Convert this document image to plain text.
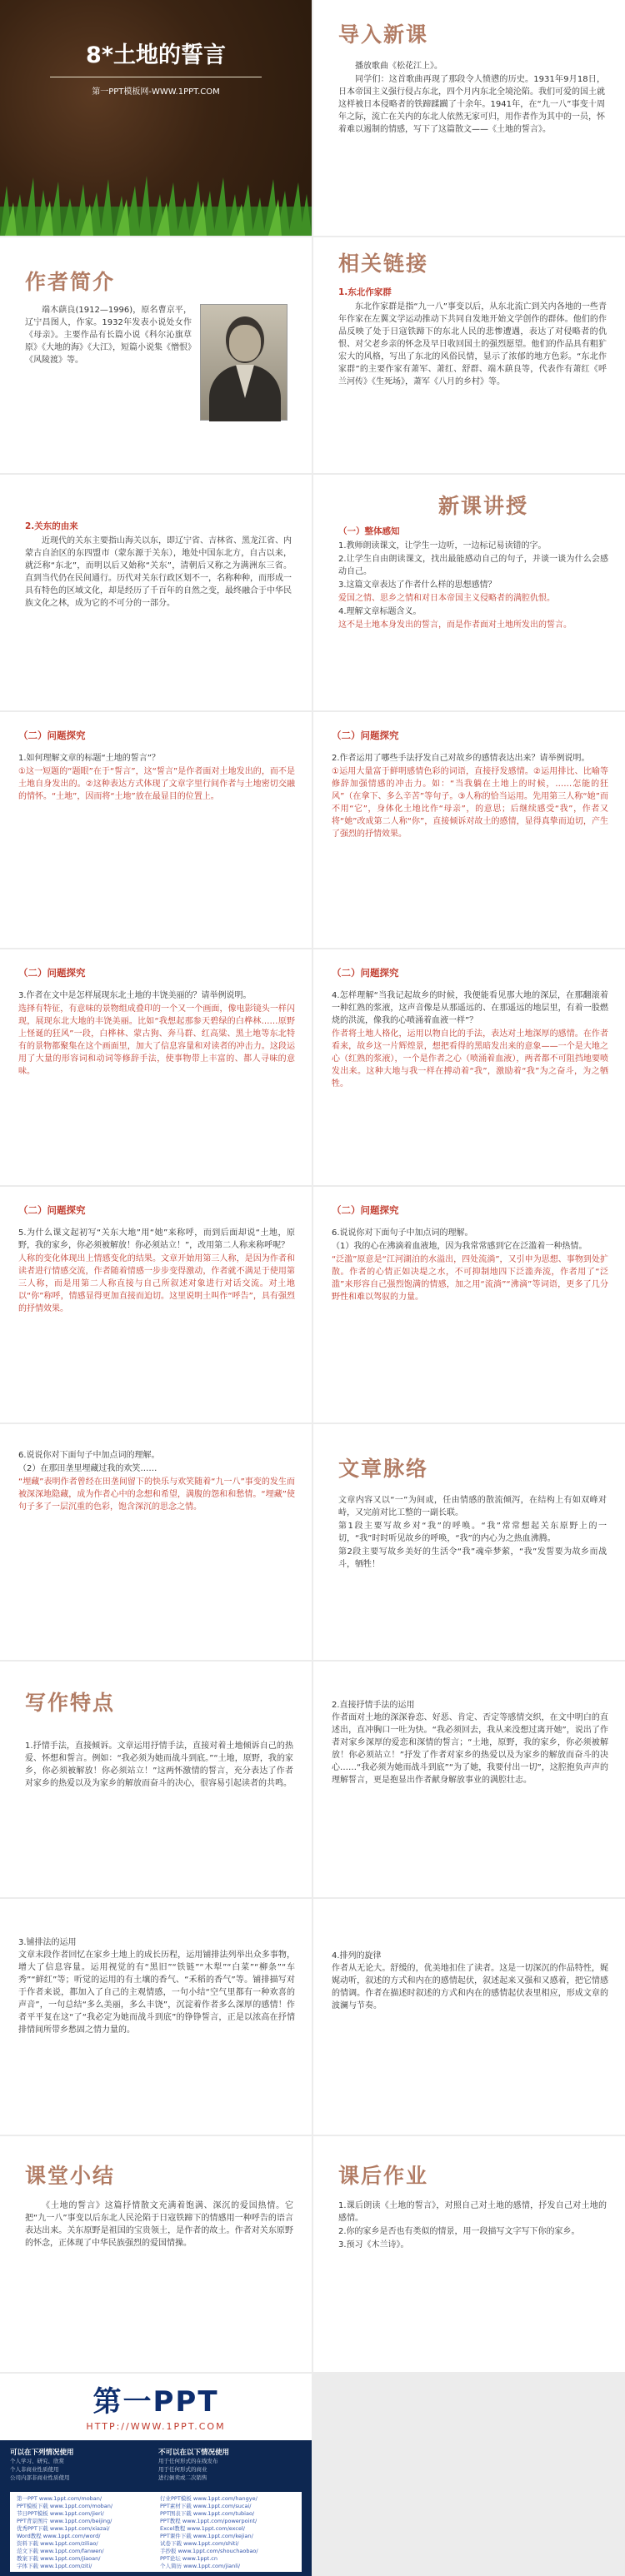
8*土地的誓言
第一PPT模板网-WWW.1PPT.COM
导入新课

播放歌曲《松花江上》。

同学们：这首歌曲再现了那段令人愤懑的历史。1931年9月18日，日本帝国主义强行侵占东北，四个月内东北全境沦陷。我们可爱的国土就这样被日本侵略者的铁蹄蹂躏了十余年。1941年，在“九一八”事变十周年之际，流亡在关内的东北人依然无家可归，用作者作为其中的一员，怀着难以遏制的情感，写下了这篇散文——《土地的誓言》。

作者简介

端木蕻良(1912—1996)，原名曹京平，辽宁昌图人，作家。1932年发表小说处女作《母亲》。主要作品有长篇小说《科尔沁旗草原》《大地的海》《大江》，短篇小说集《憎恨》《风陵渡》等。

相关链接
1.东北作家群

东北作家群是指“九一八”事变以后，从东北流亡到关内各地的一些青年作家在左翼文学运动推动下共同自发地开始文学创作的群体。他们的作品反映了处于日寇铁蹄下的东北人民的悲惨遭遇，表达了对侵略者的仇恨、对父老乡亲的怀念及早日收回国土的强烈愿望。他们的作品具有粗犷宏大的风格，写出了东北的风俗民情，显示了浓郁的地方色彩。“东北作家群”的主要作家有萧军、萧红、舒群、端木蕻良等，代表作有萧红《呼兰河传》《生死场》，萧军《八月的乡村》等。

2.关东的由来

近现代的关东主要指山海关以东，即辽宁省、吉林省、黑龙江省、内蒙古自治区的东四盟市（蒙东源于关东），地处中国东北方，自古以来，就泛称“东北”，而明以后又始称“关东”，清朝后又称之为满洲东三省。直到当代仍在民间通行。历代对关东行政区划不一，名称种种，而形成一具有特色的区域文化，却是经历了千百年的自然之变，最终融合于中华民族文化之林，成为它的不可分的一部分。

新课讲授
（一）整体感知

1.教师朗读课文，让学生一边听，一边标记易读错的字。

2.让学生自由朗读课文，找出最能感动自己的句子，并谈一谈为什么会感动自己。

3.这篇文章表达了作者什么样的思想感情？

爱国之情、思乡之情和对日本帝国主义侵略者的满腔仇恨。

4.理解文章标题含义。

这不是土地本身发出的誓言，而是作者面对土地所发出的誓言。

（二）问题探究

1.如何理解文章的标题“土地的誓言”？

①这一短题的“题眼”在于“誓言”，这“誓言”是作者面对土地发出的，而不是土地自身发出的。②这种表达方式体现了文章字里行间作者与土地密切交融的情怀。“土地”，因而将“土地”放在最显目的位置上。

（二）问题探究

2.作者运用了哪些手法抒发自己对故乡的感情表达出来？请举例说明。

①运用大量富于鲜明感情色彩的词语，直接抒发感情。②运用排比、比喻等修辞加强情感的冲击力。如：“当我躺在土地上的时候，……怎能的狂风”（在拿下、多么辛苦”等句子。③人称的恰当运用。先用第三人称“她”而不用“它”，身体化土地比作“母亲”，的意思；后继续感受“我”，作者又将“她”改成第二人称“你”，直接倾诉对故土的感情，显得真挚而迫切，产生了强烈的抒情效果。

（二）问题探究

3.作者在文中是怎样展现东北土地的丰饶美丽的？请举例说明。

选择有特征，有意味的景物组成叠印的一个又一个画面，像电影镜头一样闪现，展现东北大地的丰饶美丽。比如“我想起那参天碧绿的白桦林……原野上怪诞的狂风”一段，白桦林、蒙古狗、奔马群、红高粱、黑土地等东北特有的景物都聚集在这个画面里，加大了信息容量和对读者的冲击力。这段运用了大量的形容词和动词等修辞手法，使事物带上丰富的、都人寻味的意味。

（二）问题探究

4.怎样理解“当我记起故乡的时候，我便能看见那大地的深层，在那翻滚着一种红熟的浆液，这声音像是从那遥远的、在那遥远的地层里，有着一股燃烧的洪流，像我的心喷涌着血液一样”？

作者将土地人格化，运用以物自比的手法，表达对土地深厚的感情。在作者看来，故乡这一片辉煌景，想把看得的黑暗发出来的意象——一个是大地之心（红熟的浆液），一个是作者之心（喷涌着血液），两者都不可阻挡地要喷发出来。这种大地与我一样在搏动着“我”，激励着“我”为之奋斗，为之牺牲。

（二）问题探究

5.为什么课文起初写“关东大地”用“她”来称呼，而到后面却说“土地，原野，我的家乡，你必须被解放！你必须站立！”，改用第二人称来称呼呢？

人称的变化体现出上情感变化的结果。文章开始用第三人称，是因为作者和读者进行情感交流，作者随着情感一步步变得激动，作者就不满足于使用第三人称，而是用第二人称直接与自己所叙述对象进行对话交流。对土地以“你”称呼，情感显得更加直接而迫切。这里说明土叫作“呼告”，具有强烈的抒情效果。

（二）问题探究

6.说说你对下面句子中加点词的理解。

（1）我的心在沸滴着血液地，因为我常常感到它在泛滥着一种热情。

“泛滥”原意是“江河湖泊的水溢出，四处流淌”，又引申为思想、事物到处扩散。作者的心情正如决堤之水，不可抑制地四下泛滥奔流，作者用了“泛滥”来形容自己强烈饱满的情感，加之用“流淌”“沸滴”等词语，更多了几分野性和难以驾驭的力量。

6.说说你对下面句子中加点词的理解。

（2）在那田垄里埋藏过我的欢笑……

“埋藏”表明作者曾经在田垄间留下的快乐与欢笑随着“九一八”事变的发生而被深深地隐藏，成为作者心中的念想和希望，满腹的怨和和愁情。“埋藏”使句子多了一层沉重的色彩，饱含深沉的思念之情。

文章脉络

文章内容又以“一”为间或，任由情感的散流倾泻，在结构上有如双峰对峙，又完前对比工整的一副长联。

第1段主要写故乡对“我”的呼唤。“我”常常想起关东原野上的一切，“我”时时听见故乡的呼唤，“我”的内心为之热血沸腾。

第2段主要写故乡美好的生活令“我”魂牵梦萦，“我”发誓要为故乡而战斗，牺牲！

写作特点

1.抒情手法，直接倾诉。文章运用抒情手法，直接对着土地倾诉自己的热爱、怀想和誓言。例如：“我必须为她而战斗到底。”“土地，原野，我的家乡，你必须被解放！你必须站立！”这两怀激情的誓言，充分表达了作者对家乡的热爱以及为家乡的解放而奋斗的决心，很容易引起读者的共鸣。

2.直接抒情手法的运用
作者面对土地的深深眷恋、好恶、肯定、否定等感情交织，在文中明白的直述出，直冲胸口一吐为快。“我必须回去，我从来没想过离开她”，说出了作者对家乡深厚的爱恋和深情的誓言；“土地，原野，我的家乡，你必须被解放！你必须站立！”抒发了作者对家乡的热爱以及为家乡的解放而奋斗的决心……“我必须为她而战斗到底”“为了她，我要付出一切”，这腔抱负声声的理解誓言，更是抱显出作者献身解放事业的满腔壮志。

3.铺排法的运用
文章末段作者回忆在家乡土地上的成长历程，运用铺排法列举出众多事物，增大了信息容量。运用视觉的有“黑旧”“铁链”“木犁”“白菜”“柳条”“车秀”“鲜红”等；听觉的运用的有土壤的香气、“禾稻的香气”等。铺排描写对于作者来说，都加入了自己的主观情感，一句小结“空气里都有一种欢喜的声音”，一句总结“多么美丽，多么丰饶”，沉淀着作者多么深厚的感情！作者平平复在这“了“我必定为她而战斗到底”的铮铮誓言，正是以浓高在抒情排情间所带乡愁固之情力量的。

4.排列的旋律
作者从无论大。舒缓的，优美地扣住了读者。这是一切深沉的作品特性，娓娓动听，叙述的方式和内在的感情起伏，叙述起来又强和又感着，把它情感的情调。作者在描述时叙述的方式和内在的感情起伏表里相应，形成文章的波澜与节奏。

课堂小结

《土地的誓言》这篇抒情散文充满着饱满、深沉的爱国热情。它把“九一八”事变以后东北人民沦陷于日寇铁蹄下的情感用一种呼告的语言表达出来。关东原野是祖国的宝贵领土，是作者的故土。作者对关东原野的怀念，正体现了中华民族强烈的爱国情操。

课后作业

1.课后朗读《土地的誓言》，对照自己对土地的感情，抒发自己对土地的感情。

2.你的家乡是否也有类似的情景，用一段描写文字写下你的家乡。

3.预习《木兰诗》。

第一PPT
HTTP://WWW.1PPT.COM
可以在下列情况使用
个人学习、研究、欣赏
个人非商业性质使用
公司内部非商业性质使用
不可以在以下情况使用
用于任何形式的在线发布
用于任何形式的商业
进行倒卖或二次销售
第一PPT www.1ppt.com/moban/
PPT模板下载 www.1ppt.com/moban/
节日PPT模板 www.1ppt.com/jieri/
PPT背景图片 www.1ppt.com/beijing/
优秀PPT下载 www.1ppt.com/xiazai/
Word教程 www.1ppt.com/word/
资料下载 www.1ppt.com/ziliao/
范文下载 www.1ppt.com/fanwen/
教案下载 www.1ppt.com/jiaoan/
字体下载 www.1ppt.com/ziti/
行业PPT模板 www.1ppt.com/hangye/
PPT素材下载 www.1ppt.com/sucai/
PPT图表下载 www.1ppt.com/tubiao/
PPT教程 www.1ppt.com/powerpoint/
Excel教程 www.1ppt.com/excel/
PPT课件下载 www.1ppt.com/kejian/
试卷下载 www.1ppt.com/shiti/
手抄报 www.1ppt.com/shouchaobao/
PPT论坛 www.1ppt.cn
个人简历 www.1ppt.com/jianli/
